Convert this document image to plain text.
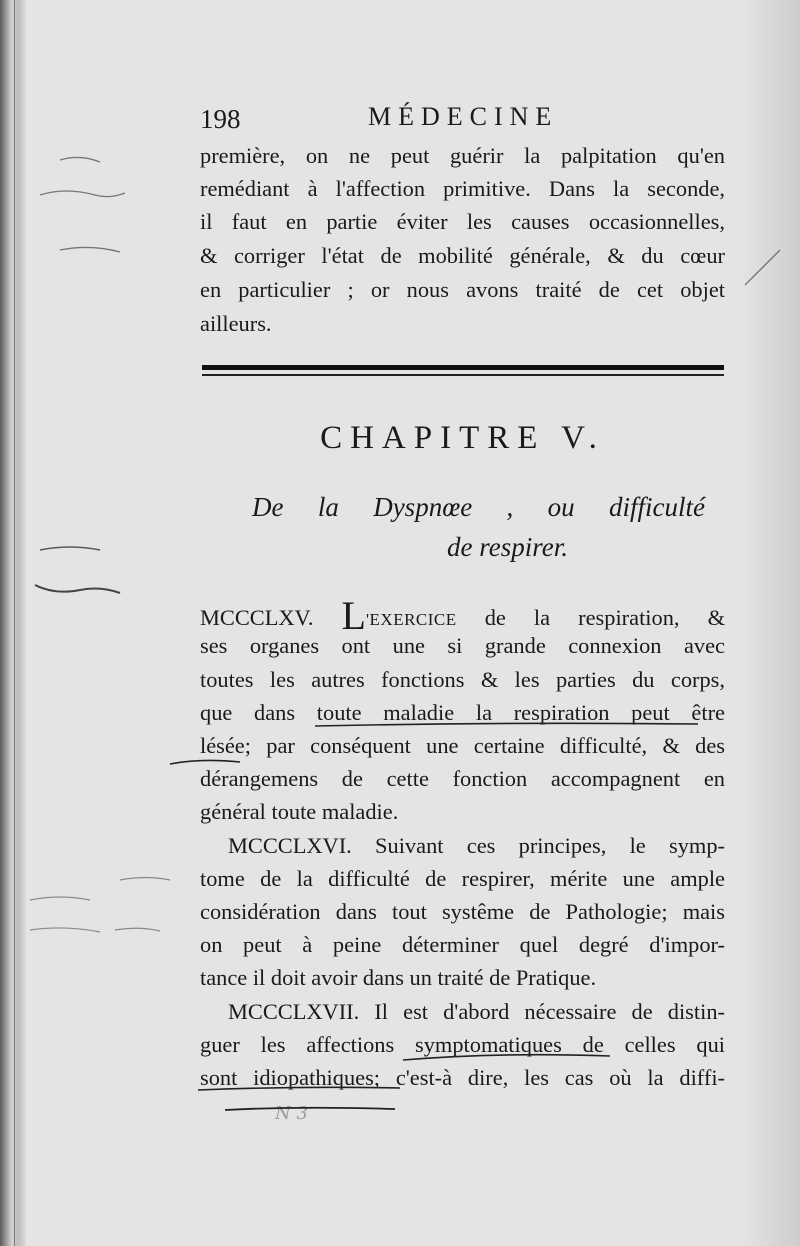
198	MÉDECINE
première, on ne peut guérir la palpitation qu'en
remédiant à l'affection primitive. Dans la seconde,
il faut en partie éviter les causes occasionnelles,
& corriger l'état de mobilité générale, & du cœur
en particulier ; or nous avons traité de cet objet
ailleurs.
CHAPITRE V.
De la Dyspnœe , ou difficulté
de respirer.
MCCCLXV. L'EXERCICE de la respiration, &
ses organes ont une si grande connexion avec
toutes les autres fonctions & les parties du corps,
que dans toute maladie la respiration peut être
lésée; par conséquent une certaine difficulté, & des
dérangemens de cette fonction accompagnent en
général toute maladie.
MCCCLXVI. Suivant ces principes, le symp-
tome de la difficulté de respirer, mérite une ample
considération dans tout systême de Pathologie; mais
on peut à peine déterminer quel degré d'impor-
tance il doit avoir dans un traité de Pratique.
MCCCLXVII. Il est d'abord nécessaire de distin-
guer les affections symptomatiques de celles qui
sont idiopathiques; c'est-à dire, les cas où la diffi-
N 3
